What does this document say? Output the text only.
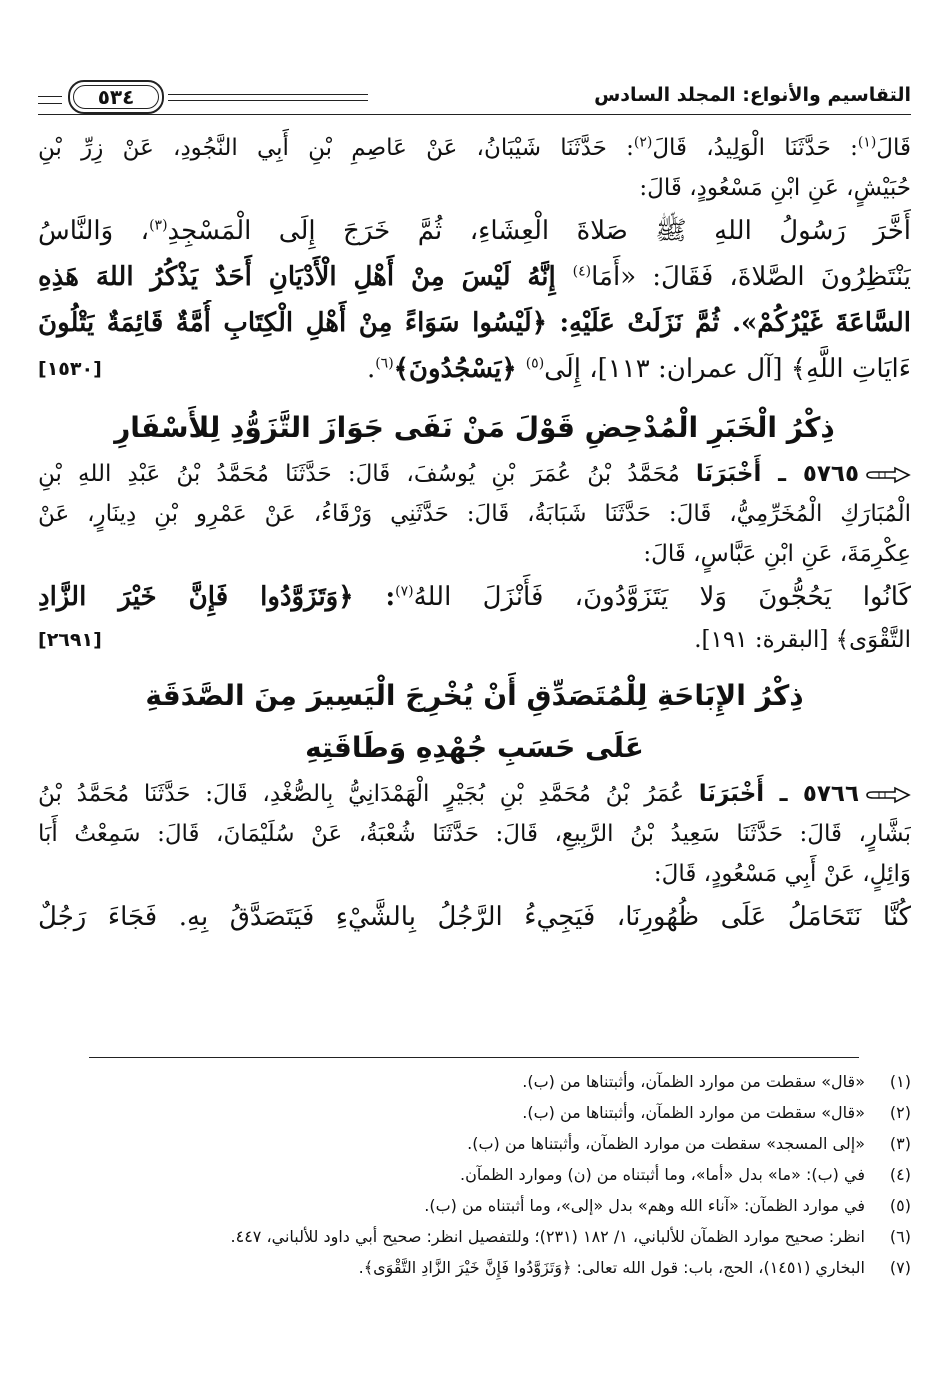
التقاسيم والأنواع: المجلد السادس
٥٣٤
قَالَ$^{(١)}$: حَدَّثَنَا الْوَلِيدُ، قَالَ$^{(٢)}$: حَدَّثَنَا شَيْبَانُ، عَنْ عَاصِمِ بْنِ أَبِي النَّجُودِ، عَنْ زِرِّ بْنِ
حُبَيْشٍ، عَنِ ابْنِ مَسْعُودٍ، قَالَ:
أَخَّرَ رَسُولُ اللهِ ﷺ صَلاةَ الْعِشَاءِ، ثُمَّ خَرَجَ إِلَى الْمَسْجِدِ$^{(٣)}$، وَالنَّاسُ
يَنْتَظِرُونَ الصَّلاةَ، فَقَالَ: «أَمَا$^{(٤)}$ إِنَّهُ لَيْسَ مِنْ أَهْلِ الْأَدْيَانِ أَحَدٌ يَذْكُرُ اللهَ هَذِهِ
السَّاعَةَ غَيْرُكُمْ». ثُمَّ نَزَلَتْ عَلَيْهِ: ﴿لَيْسُوا سَوَاءً مِنْ أَهْلِ الْكِتَابِ أُمَّةٌ قَائِمَةٌ يَتْلُونَ
ءَايَاتِ اللَّهِ﴾ [آل عمران: ١١٣]، إِلَى$^{(٥)}$ ﴿يَسْجُدُونَ﴾$^{(٦)}$.
[١٥٣٠]
ذِكْرُ الْخَبَرِ الْمُدْحِضِ قَوْلَ مَنْ نَفَى جَوَازَ التَّزَوُّدِ لِلأَسْفَارِ
٥٧٦٥ ـ أَخْبَرَنَا مُحَمَّدُ بْنُ عُمَرَ بْنِ يُوسُفَ، قَالَ: حَدَّثَنَا مُحَمَّدُ بْنُ عَبْدِ اللهِ بْنِ
الْمُبَارَكِ الْمُخَرِّمِيُّ، قَالَ: حَدَّثَنَا شَبَابَةُ، قَالَ: حَدَّثَنِي وَرْقَاءُ، عَنْ عَمْرِو بْنِ دِينَارٍ، عَنْ
عِكْرِمَةَ، عَنِ ابْنِ عَبَّاسٍ، قَالَ:
كَانُوا يَحُجُّونَ وَلا يَتَزَوَّدُونَ، فَأَنْزَلَ اللهُ$^{(٧)}$: ﴿وَتَزَوَّدُوا فَإِنَّ خَيْرَ الزَّادِ
التَّقْوَى﴾ [البقرة: ١٩١].
[٢٦٩١]
ذِكْرُ الإِبَاحَةِ لِلْمُتَصَدِّقِ أَنْ يُخْرِجَ الْيَسِيرَ مِنَ الصَّدَقَةِ
عَلَى حَسَبِ جُهْدِهِ وَطَاقَتِهِ
٥٧٦٦ ـ أَخْبَرَنَا عُمَرُ بْنُ مُحَمَّدِ بْنِ بُجَيْرٍ الْهَمْدَانِيُّ بِالصُّغْدِ، قَالَ: حَدَّثَنَا مُحَمَّدُ بْنُ
بَشَّارٍ، قَالَ: حَدَّثَنَا سَعِيدُ بْنُ الرَّبِيعِ، قَالَ: حَدَّثَنَا شُعْبَةُ، عَنْ سُلَيْمَانَ، قَالَ: سَمِعْتُ أَبَا
وَائِلٍ، عَنْ أَبِي مَسْعُودٍ، قَالَ:
كُنَّا نَتَحَامَلُ عَلَى ظُهُورِنَا، فَيَجِيءُ الرَّجُلُ بِالشَّيْءِ فَيَتَصَدَّقُ بِهِ. فَجَاءَ رَجُلٌ
(١)
«قال» سقطت من موارد الظمآن، وأثبتناها من (ب).
(٢)
«قال» سقطت من موارد الظمآن، وأثبتناها من (ب).
(٣)
«إلى المسجد» سقطت من موارد الظمآن، وأثبتناها من (ب).
(٤)
في (ب): «ما» بدل «أما»، وما أثبتناه من (ن) وموارد الظمآن.
(٥)
في موارد الظمآن: «آناء الله وهم» بدل «إلى»، وما أثبتناه من (ب).
(٦)
انظر: صحيح موارد الظمآن للألباني، ١/ ١٨٢ (٢٣١)؛ وللتفصيل انظر: صحيح أبي داود للألباني، ٤٤٧.
(٧)
البخاري (١٤٥١)، الحج، باب: قول الله تعالى: ﴿وَتَزَوَّدُوا فَإِنَّ خَيْرَ الزَّادِ التَّقْوَى﴾.
